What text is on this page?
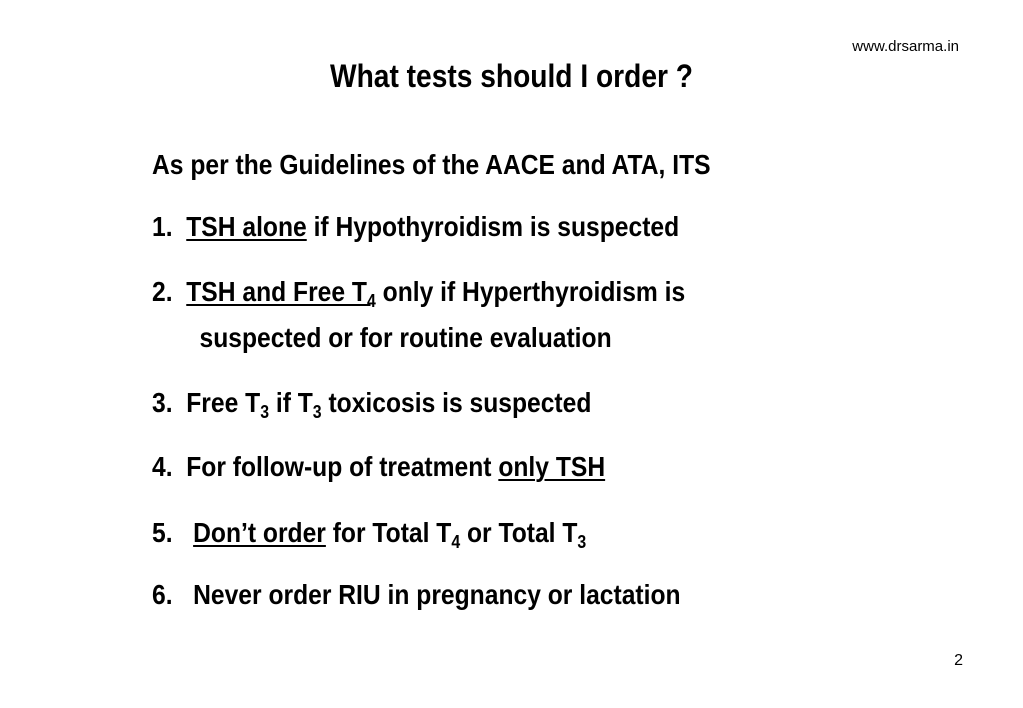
www.drsarma.in
What tests should I order ?
As per the Guidelines of the AACE and ATA, ITS
1. TSH alone if Hypothyroidism is suspected
2. TSH and Free $T_4$ only if Hyperthyroidism is
suspected or for routine evaluation
3. Free $T_3$ if $T_3$ toxicosis is suspected
4. For follow-up of treatment only TSH
5. Don’t order for Total $T_4$ or Total $T_3$
6. Never order RIU in pregnancy or lactation
2
